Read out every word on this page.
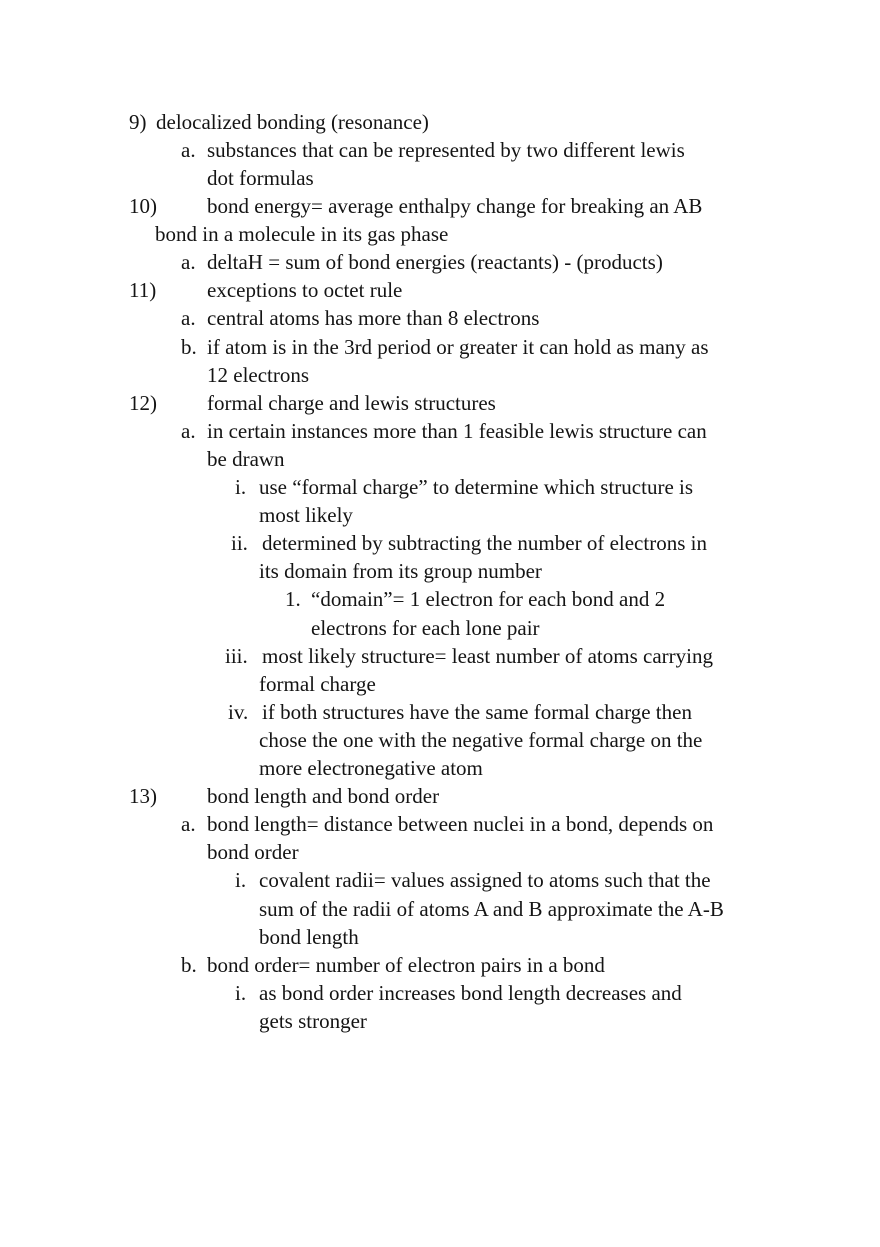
9) delocalized bonding (resonance)
a. substances that can be represented by two different lewis
dot formulas
10) bond energy= average enthalpy change for breaking an AB
bond in a molecule in its gas phase
a. deltaH = sum of bond energies (reactants) - (products)
11) exceptions to octet rule
a. central atoms has more than 8 electrons
b. if atom is in the 3rd period or greater it can hold as many as
12 electrons
12) formal charge and lewis structures
a. in certain instances more than 1 feasible lewis structure can
be drawn
i. use “formal charge” to determine which structure is
most likely
ii. determined by subtracting the number of electrons in
its domain from its group number
1. “domain”= 1 electron for each bond and 2
electrons for each lone pair
iii. most likely structure= least number of atoms carrying
formal charge
iv. if both structures have the same formal charge then
chose the one with the negative formal charge on the
more electronegative atom
13) bond length and bond order
a. bond length= distance between nuclei in a bond, depends on
bond order
i. covalent radii= values assigned to atoms such that the
sum of the radii of atoms A and B approximate the A-B
bond length
b. bond order= number of electron pairs in a bond
i. as bond order increases bond length decreases and
gets stronger
